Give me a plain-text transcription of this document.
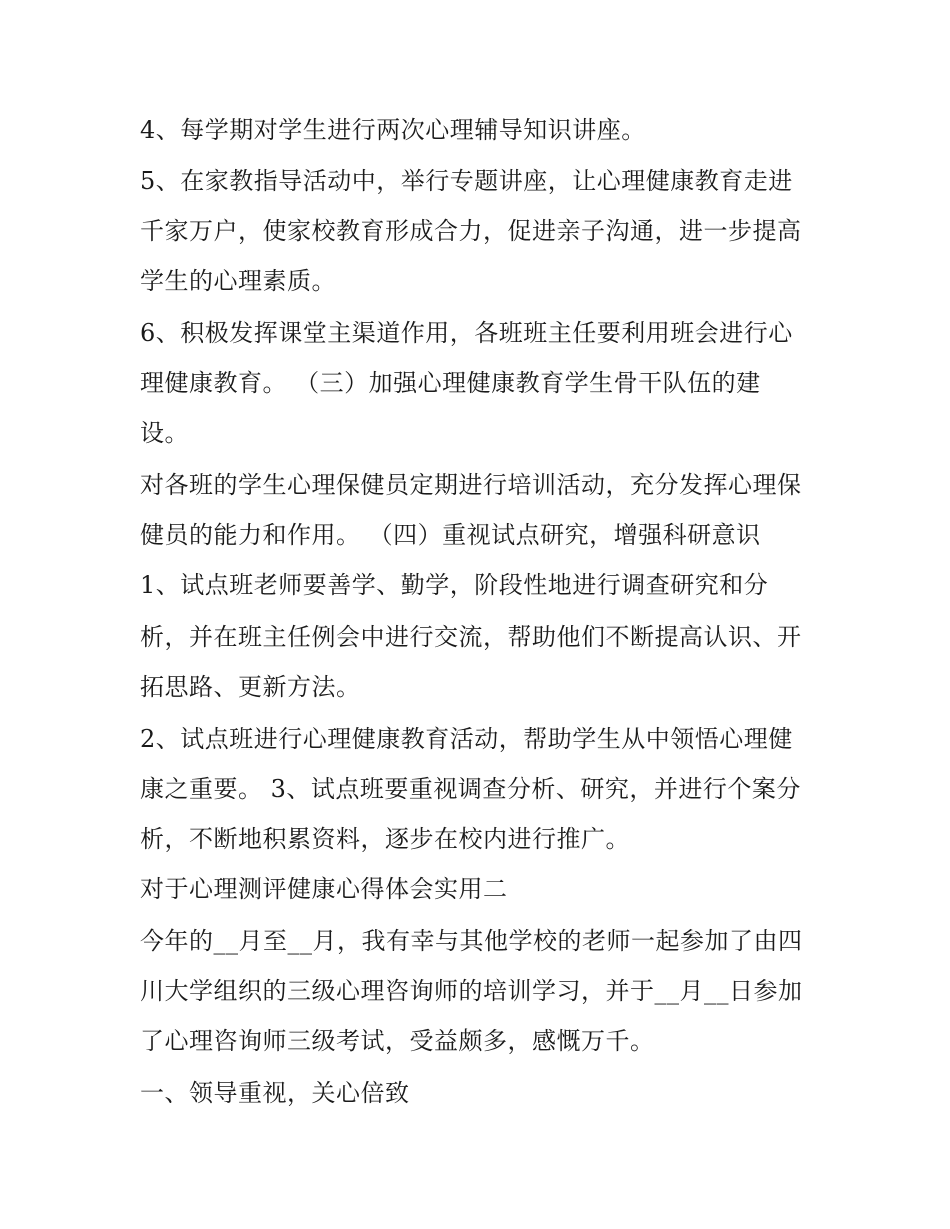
4、每学期对学生进行两次心理辅导知识讲座。
5、在家教指导活动中，举行专题讲座，让心理健康教育走进
千家万户，使家校教育形成合力，促进亲子沟通，进一步提高
学生的心理素质。
6、积极发挥课堂主渠道作用，各班班主任要利用班会进行心
理健康教育。 （三）加强心理健康教育学生骨干队伍的建
设。
对各班的学生心理保健员定期进行培训活动，充分发挥心理保
健员的能力和作用。 （四）重视试点研究，增强科研意识
1、试点班老师要善学、勤学，阶段性地进行调查研究和分
析，并在班主任例会中进行交流，帮助他们不断提高认识、开
拓思路、更新方法。
2、试点班进行心理健康教育活动，帮助学生从中领悟心理健
康之重要。 3、试点班要重视调查分析、研究，并进行个案分
析，不断地积累资料，逐步在校内进行推广。
对于心理测评健康心得体会实用二
今年的__月至__月，我有幸与其他学校的老师一起参加了由四
川大学组织的三级心理咨询师的培训学习，并于__月__日参加
了心理咨询师三级考试，受益颇多，感慨万千。
一、领导重视，关心倍致
